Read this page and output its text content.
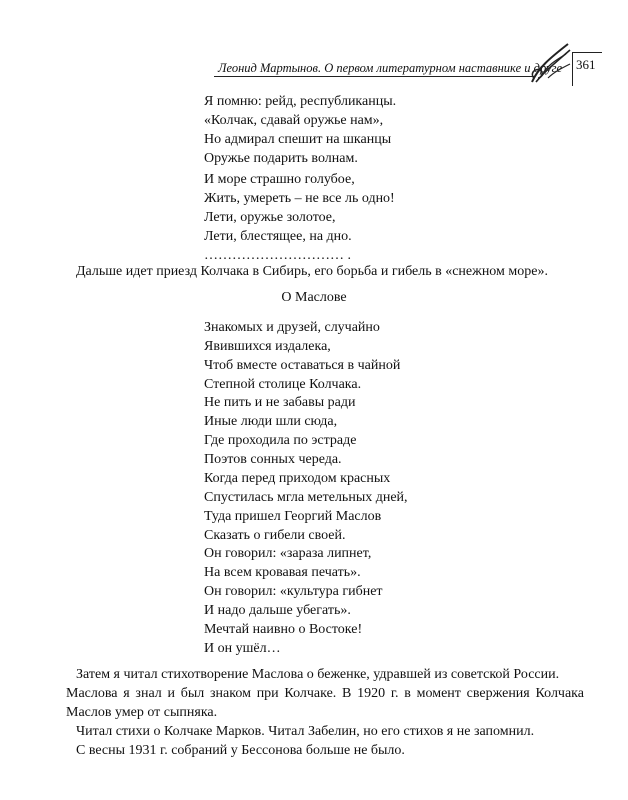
Леонид Мартынов. О первом литературном наставнике и друге 361
Я помню: рейд, республиканцы.
«Колчак, сдавай оружье нам»,
Но адмирал спешит на шканцы
Оружье подарить волнам.
И море страшно голубое,
Жить, умереть – не все ль одно!
Лети, оружье золотое,
Лети, блестящее, на дно.
………………………… .
Дальше идет приезд Колчака в Сибирь, его борьба и гибель в «снежном море».
О Маслове
Знакомых и друзей, случайно
Явившихся издалека,
Чтоб вместе оставаться в чайной
Степной столице Колчака.
Не пить и не забавы ради
Иные люди шли сюда,
Где проходила по эстраде
Поэтов сонных череда.
Когда перед приходом красных
Спустилась мгла метельных дней,
Туда пришел Георгий Маслов
Сказать о гибели своей.
Он говорил: «зараза липнет,
На всем кровавая печать».
Он говорил: «культура гибнет
И надо дальше убегать».
Мечтай наивно о Востоке!
И он ушёл…
Затем я читал стихотворение Маслова о беженке, удравшей из советской России.
Маслова я знал и был знаком при Колчаке. В 1920 г. в момент свержения Колчака
Маслов умер от сыпняка.
Читал стихи о Колчаке Марков. Читал Забелин, но его стихов я не запомнил.
С весны 1931 г. собраний у Бессонова больше не было.
